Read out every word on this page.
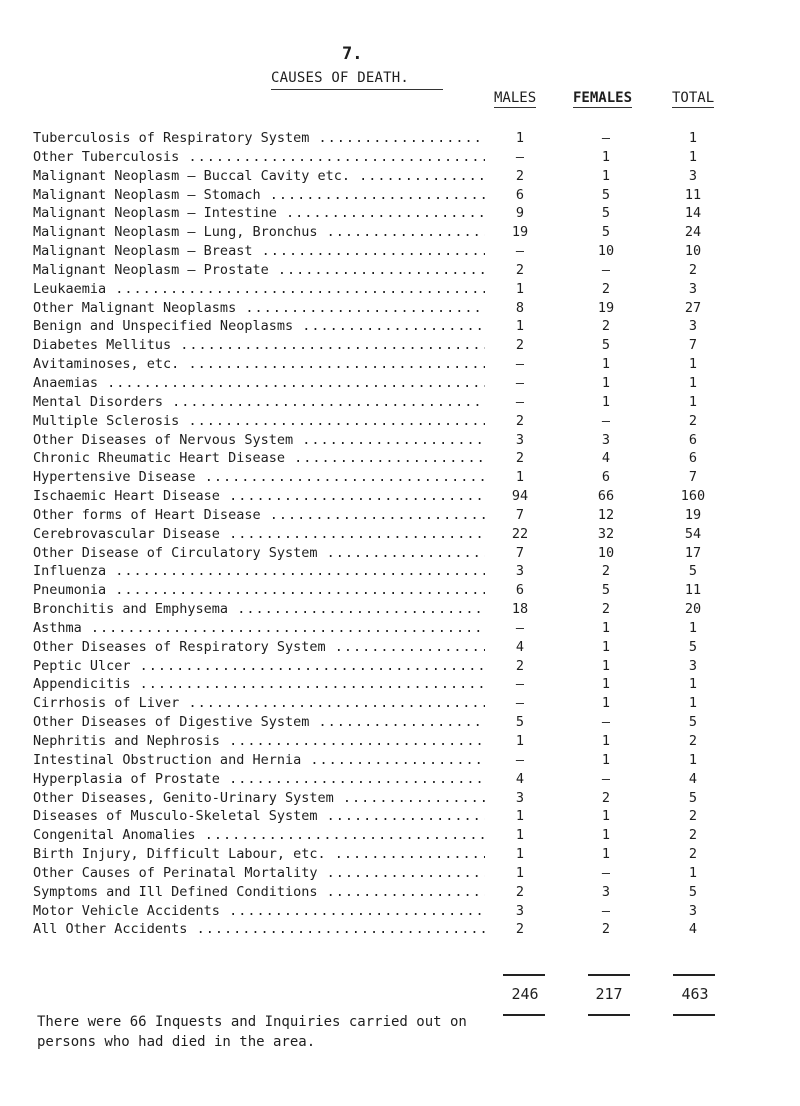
7.
CAUSES OF DEATH.
MALES	FEMALES	TOTAL
Tuberculosis of Respiratory System .....	1	–	1
Other Tuberculosis .....	–	1	1
Malignant Neoplasm – Buccal Cavity etc. .....	2	1	3
Malignant Neoplasm – Stomach .....	6	5	11
Malignant Neoplasm – Intestine .....	9	5	14
Malignant Neoplasm – Lung, Bronchus .....	19	5	24
Malignant Neoplasm – Breast .....	–	10	10
Malignant Neoplasm – Prostate .....	2	–	2
Leukaemia .....	1	2	3
Other Malignant Neoplasms .....	8	19	27
Benign and Unspecified Neoplasms .....	1	2	3
Diabetes Mellitus .....	2	5	7
Avitaminoses, etc. .....	–	1	1
Anaemias .....	–	1	1
Mental Disorders .....	–	1	1
Multiple Sclerosis .....	2	–	2
Other Diseases of Nervous System .....	3	3	6
Chronic Rheumatic Heart Disease .....	2	4	6
Hypertensive Disease .....	1	6	7
Ischaemic Heart Disease .....	94	66	160
Other forms of Heart Disease .....	7	12	19
Cerebrovascular Disease .....	22	32	54
Other Disease of Circulatory System .....	7	10	17
Influenza .....	3	2	5
Pneumonia .....	6	5	11
Bronchitis and Emphysema .....	18	2	20
Asthma .....	–	1	1
Other Diseases of Respiratory System .....	4	1	5
Peptic Ulcer .....	2	1	3
Appendicitis .....	–	1	1
Cirrhosis of Liver .....	–	1	1
Other Diseases of Digestive System .....	5	–	5
Nephritis and Nephrosis .....	1	1	2
Intestinal Obstruction and Hernia .....	–	1	1
Hyperplasia of Prostate .....	4	–	4
Other Diseases, Genito-Urinary System .....	3	2	5
Diseases of Musculo-Skeletal System .....	1	1	2
Congenital Anomalies .....	1	1	2
Birth Injury, Difficult Labour, etc. .....	1	1	2
Other Causes of Perinatal Mortality .....	1	–	1
Symptoms and Ill Defined Conditions .....	2	3	5
Motor Vehicle Accidents .....	3	–	3
All Other Accidents .....	2	2	4
246	217	463

There were 66 Inquests and Inquiries carried out on persons who had died in the area.
